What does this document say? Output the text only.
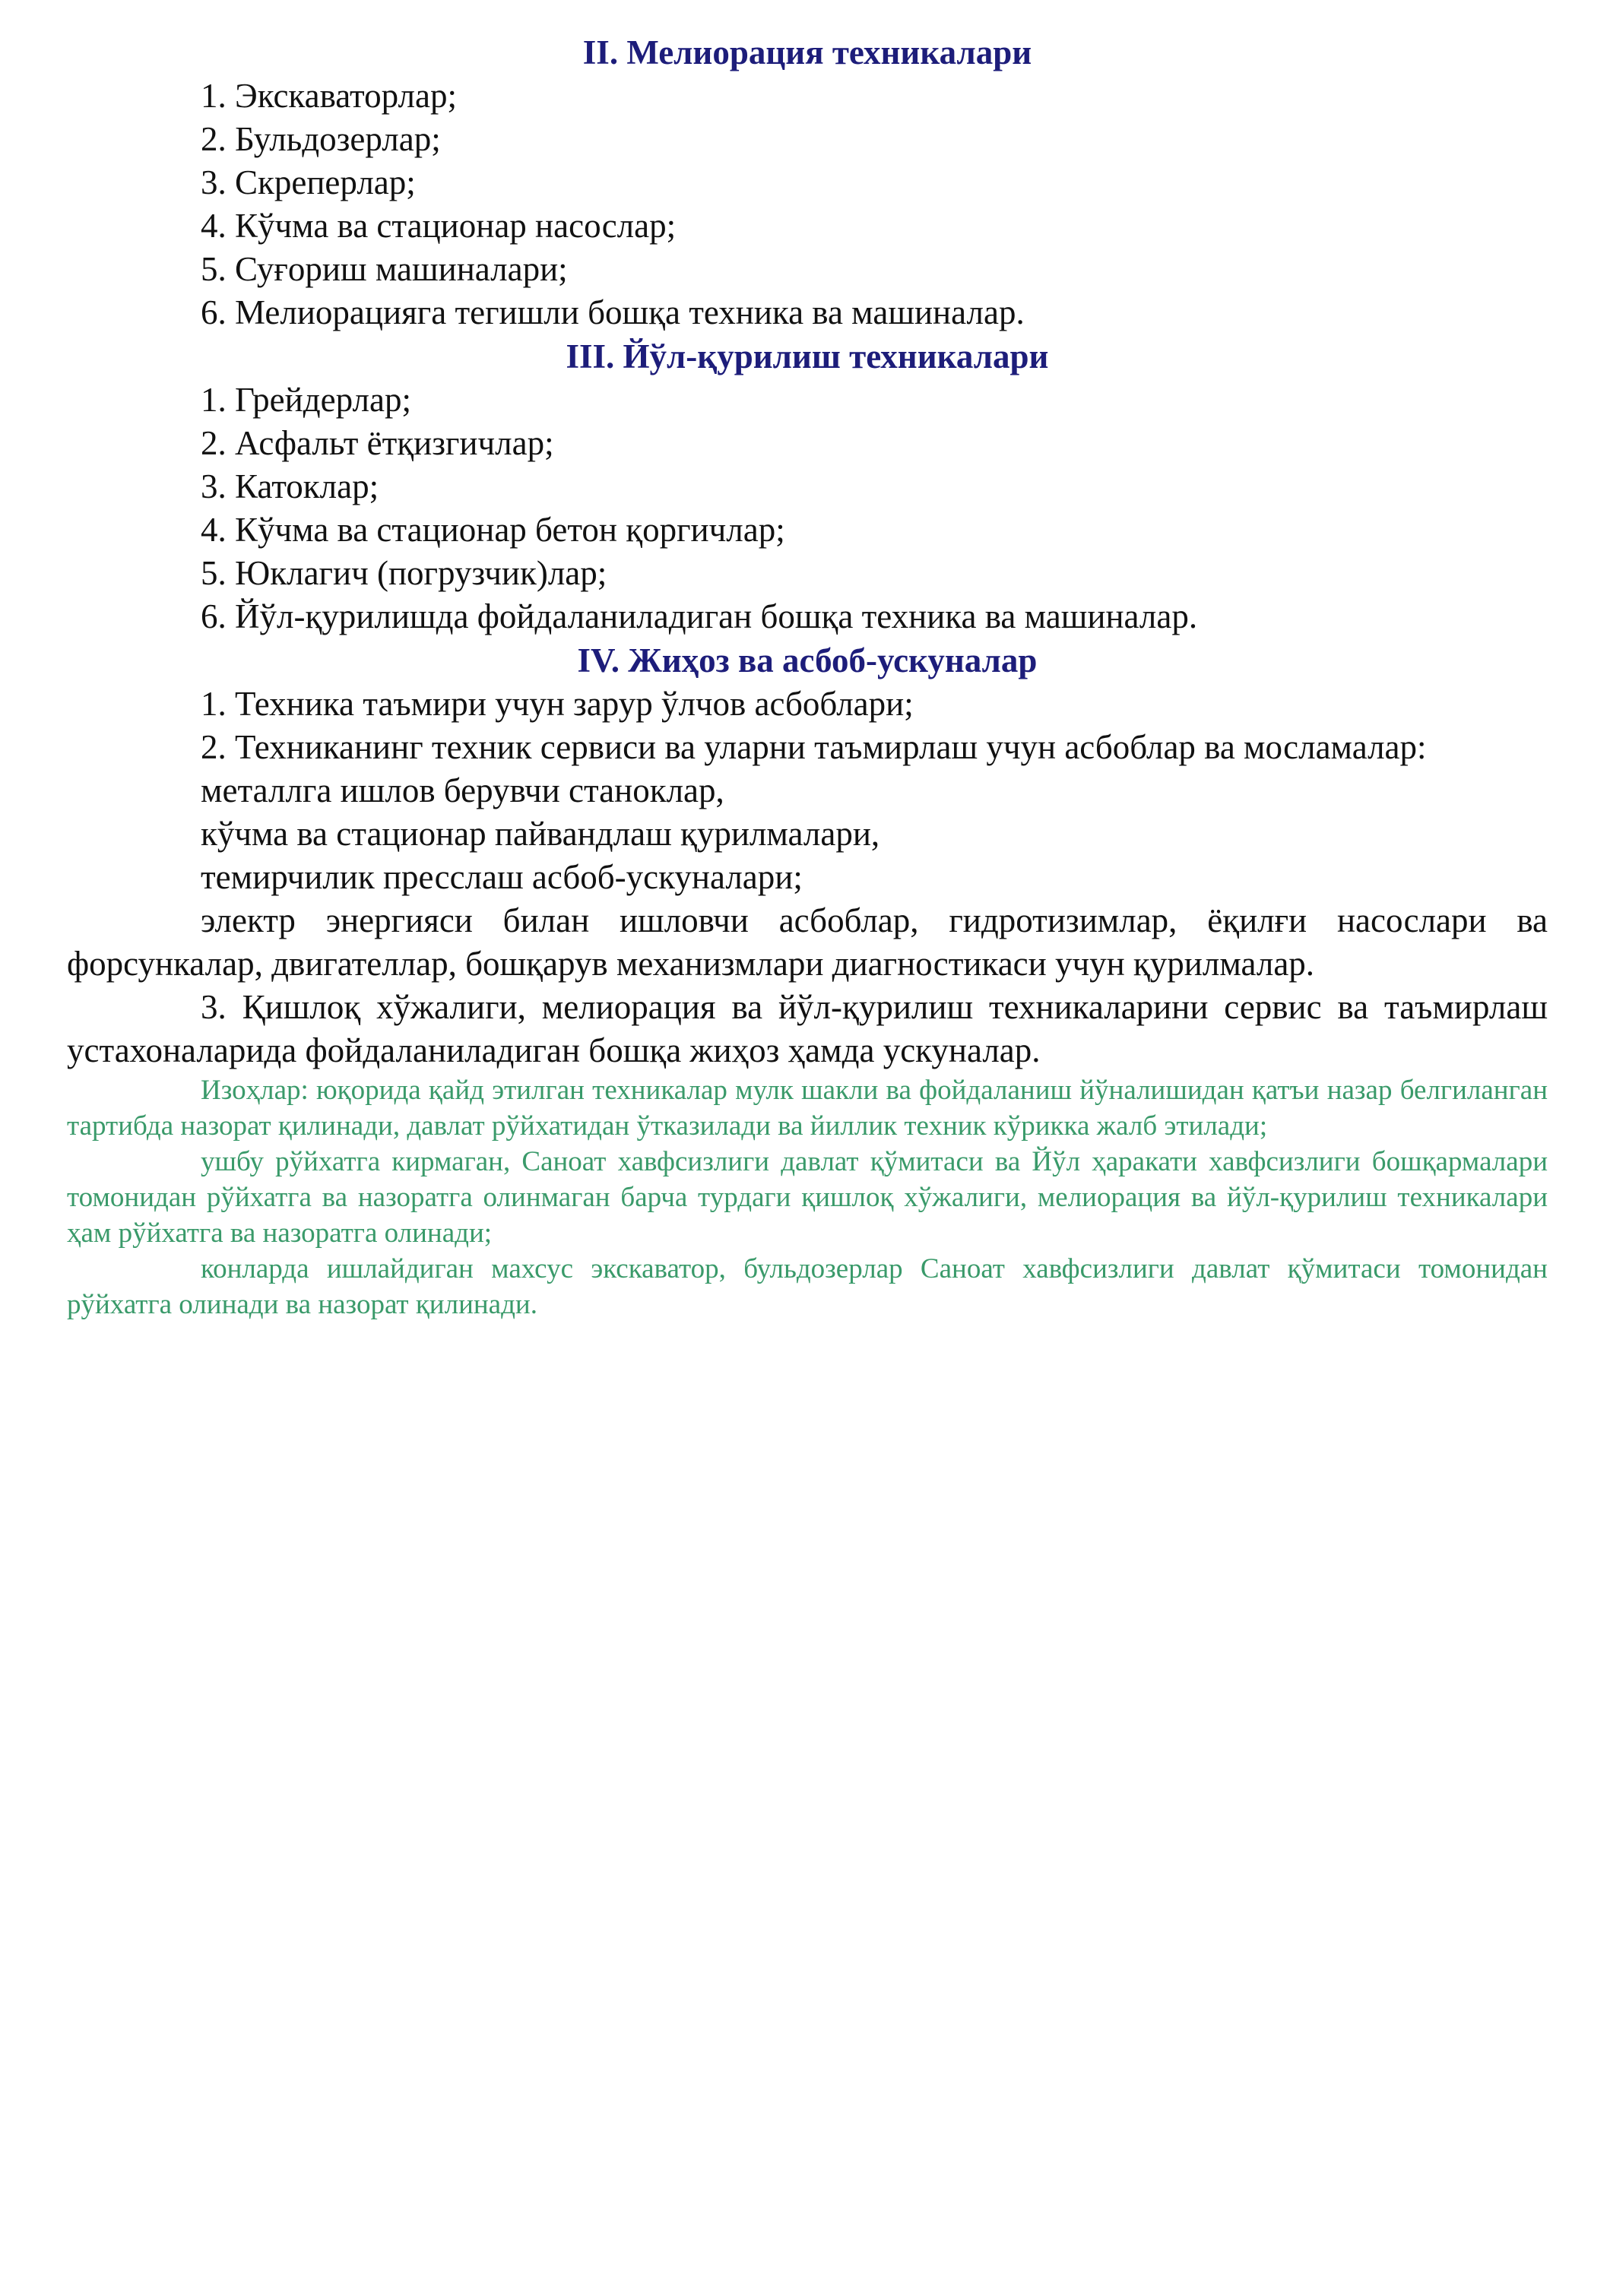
II. Мелиорация техникалари

1. Экскаваторлар;

2. Бульдозерлар;

3. Скреперлар;

4. Кўчма ва стационар насослар;

5. Суғориш машиналари;

6. Мелиорацияга тегишли бошқа техника ва машиналар.

III. Йўл-қурилиш техникалари

1. Грейдерлар;

2. Асфальт ётқизгичлар;

3. Катоклар;

4. Кўчма ва стационар бетон қоргичлар;

5. Юклагич (погрузчик)лар;

6. Йўл-қурилишда фойдаланиладиган бошқа техника ва машиналар.

IV. Жиҳоз ва асбоб-ускуналар

1. Техника таъмири учун зарур ўлчов асбоблари;

2. Техниканинг техник сервиси ва уларни таъмирлаш учун асбоблар ва мосламалар:

металлга ишлов берувчи станоклар,

кўчма ва стационар пайвандлаш қурилмалари,

темирчилик пресслаш асбоб-ускуналари;

электр энергияси билан ишловчи асбоблар, гидротизимлар, ёқилғи насослари ва форсункалар, двигателлар, бошқарув механизмлари диагностикаси учун қурилмалар.

3. Қишлоқ хўжалиги, мелиорация ва йўл-қурилиш техникаларини сервис ва таъмирлаш устахоналарида фойдаланиладиган бошқа жиҳоз ҳамда ускуналар.

Изоҳлар: юқорида қайд этилган техникалар мулк шакли ва фойдаланиш йўналишидан қатъи назар белгиланган тартибда назорат қилинади, давлат рўйхатидан ўтказилади ва йиллик техник кўрикка жалб этилади;

ушбу рўйхатга кирмаган, Саноат хавфсизлиги давлат қўмитаси ва Йўл ҳаракати хавфсизлиги бошқармалари томонидан рўйхатга ва назоратга олинмаган барча турдаги қишлоқ хўжалиги, мелиорация ва йўл-қурилиш техникалари ҳам рўйхатга ва назоратга олинади;

конларда ишлайдиган махсус экскаватор, бульдозерлар Саноат хавфсизлиги давлат қўмитаси томонидан рўйхатга олинади ва назорат қилинади.
